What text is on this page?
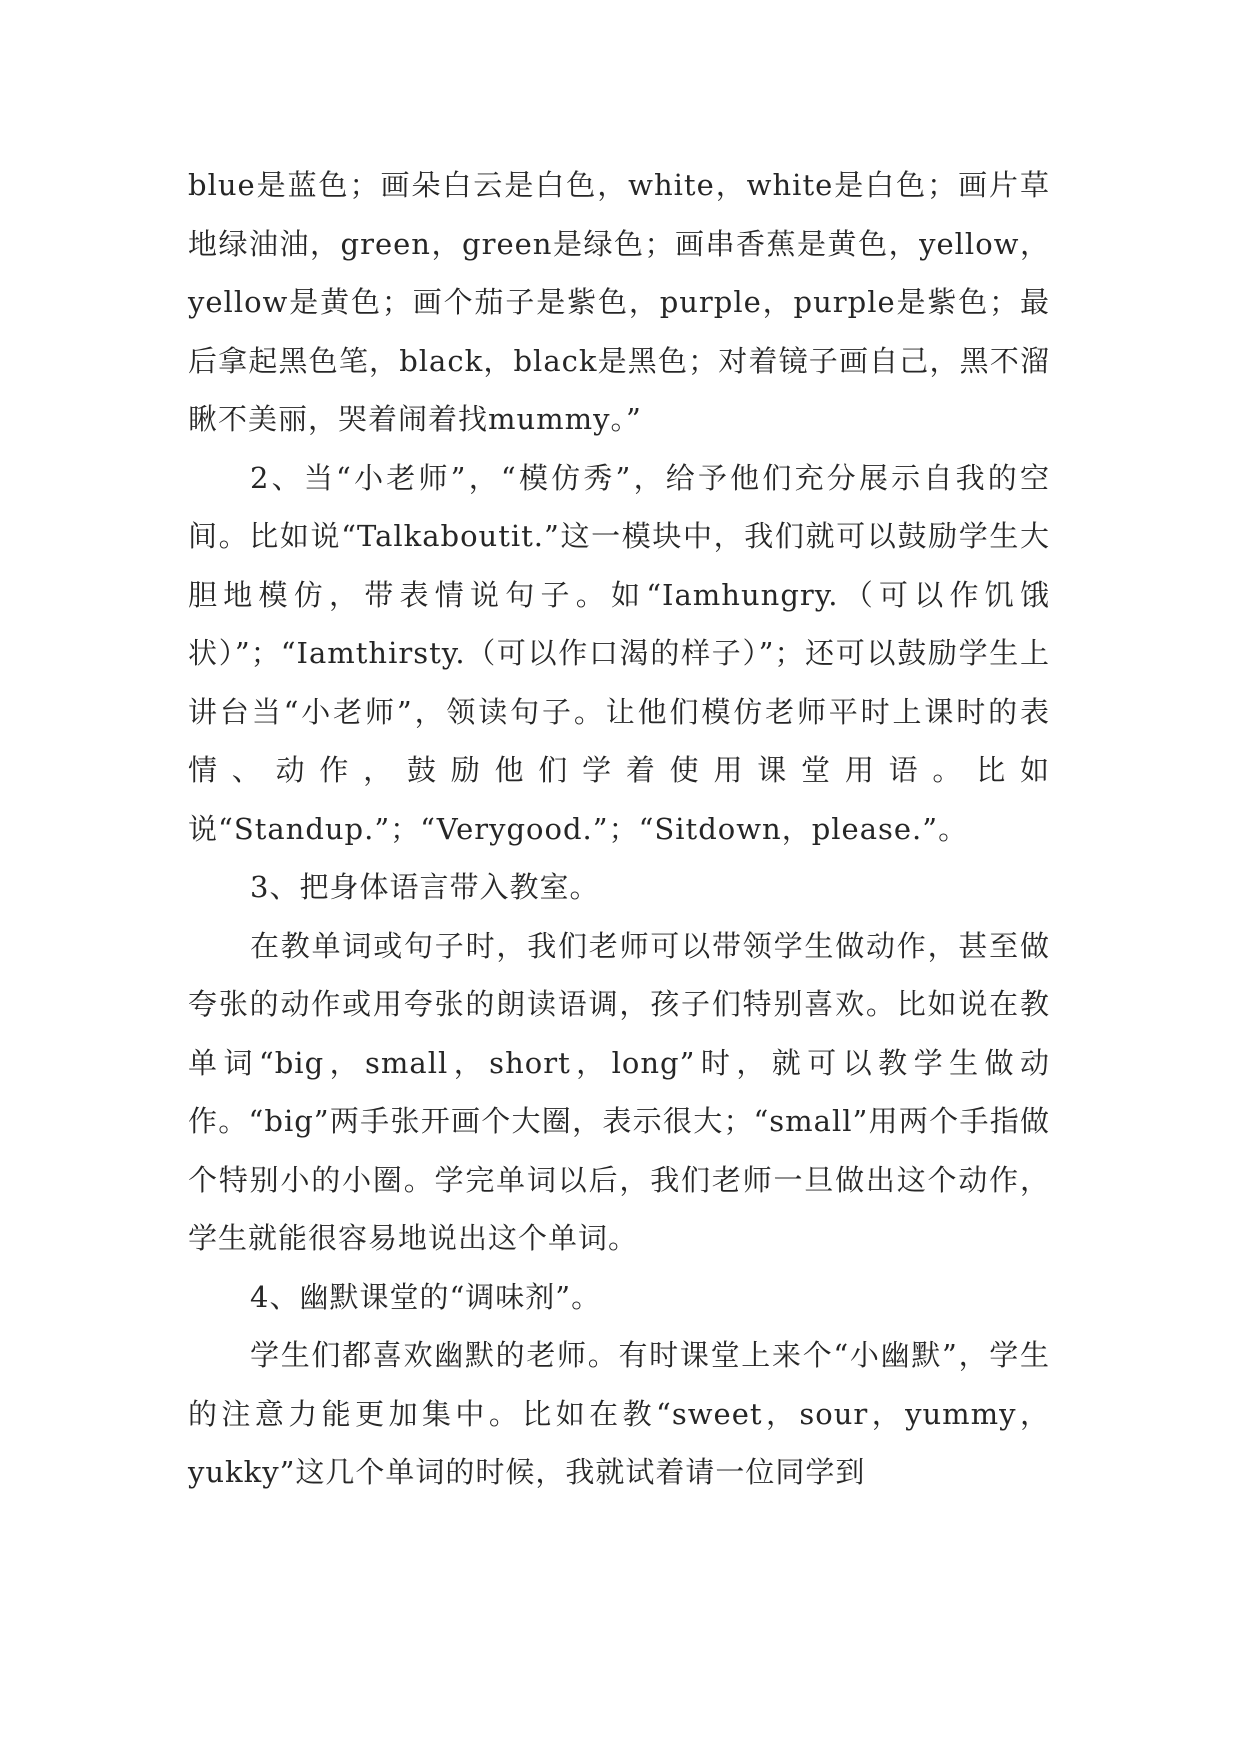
blue是蓝色；画朵白云是白色，white，white是白色；画片草地绿油油，green，green是绿色；画串香蕉是黄色，yellow，yellow是黄色；画个茄子是紫色，purple，purple是紫色；最后拿起黑色笔，black，black是黑色；对着镜子画自己，黑不溜瞅不美丽，哭着闹着找mummy。”

2、当“小老师”，“模仿秀”，给予他们充分展示自我的空间。比如说“Talkaboutit.”这一模块中，我们就可以鼓励学生大胆地模仿，带表情说句子。如“Iamhungry.（可以作饥饿状）”；“Iamthirsty.（可以作口渴的样子）”；还可以鼓励学生上讲台当“小老师”，领读句子。让他们模仿老师平时上课时的表情、动作，鼓励他们学着使用课堂用语。比如说“Standup.”；“Verygood.”；“Sitdown，please.”。

3、把身体语言带入教室。

在教单词或句子时，我们老师可以带领学生做动作，甚至做夸张的动作或用夸张的朗读语调，孩子们特别喜欢。比如说在教单词“big，small，short，long”时，就可以教学生做动作。“big”两手张开画个大圈，表示很大；“small”用两个手指做个特别小的小圈。学完单词以后，我们老师一旦做出这个动作，学生就能很容易地说出这个单词。

4、幽默课堂的“调味剂”。

学生们都喜欢幽默的老师。有时课堂上来个“小幽默”，学生的注意力能更加集中。比如在教“sweet，sour，yummy，yukky”这几个单词的时候，我就试着请一位同学到
